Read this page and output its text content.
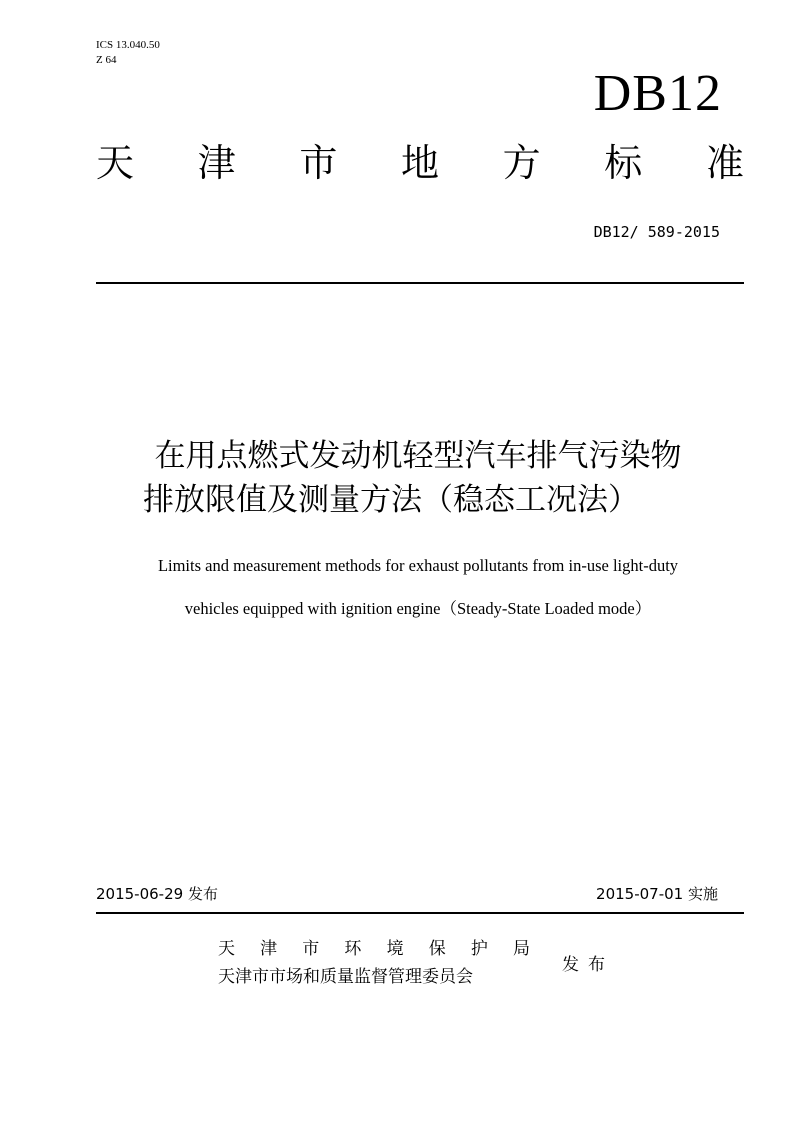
ICS 13.040.50
Z 64
DB12
天 津 市 地 方 标 准
DB12/ 589-2015
在用点燃式发动机轻型汽车排气污染物
排放限值及测量方法（稳态工况法）
Limits and measurement methods for exhaust pollutants from in-use light-duty
vehicles equipped with ignition engine（Steady-State Loaded mode）
2015-06-29 发布	2015-07-01 实施
天 津 市 环 境 保 护 局
天津市市场和质量监督管理委员会
发布
